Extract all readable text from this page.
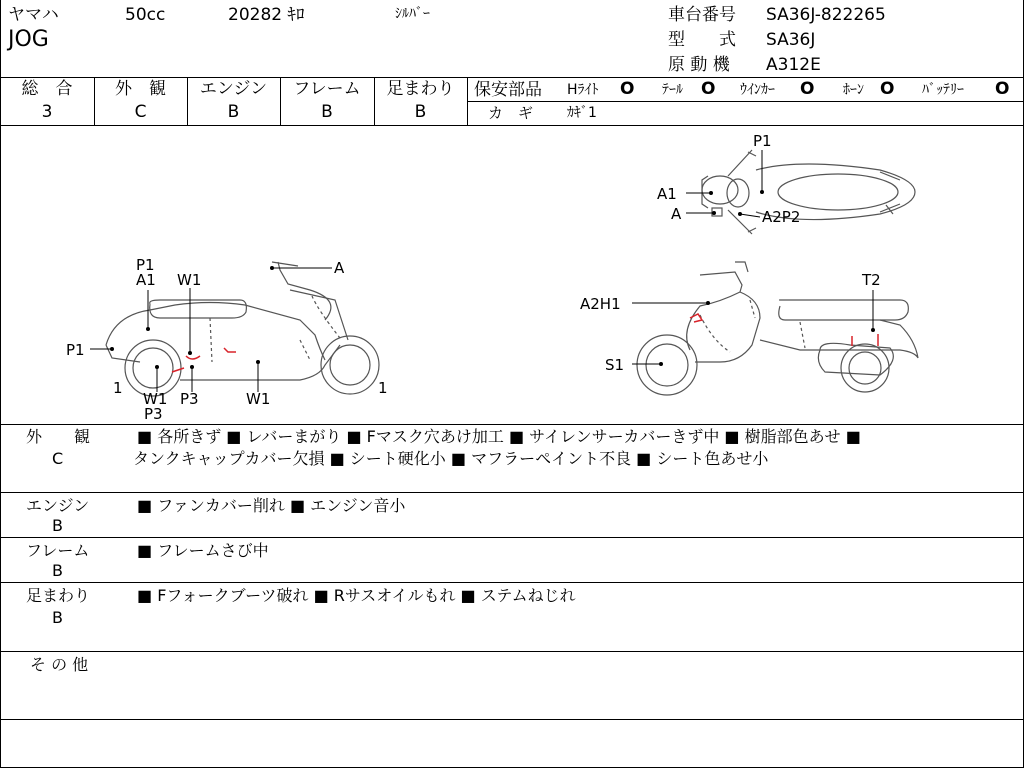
ヤマハ	50cc	20282 ｷﾛ	ｼﾙﾊﾞｰ
JOG
車台番号 SA36J-822265
型　　式 SA36J
原 動 機 A312E
総　合
3
外　観
C
エンジン
B
フレーム
B
足まわり
B
保安部品 Hﾗｲﾄ O ﾃｰﾙ O ｳｲﾝｶｰ O ﾎｰﾝ O ﾊﾞｯﾃﾘｰ O
カ　ギ ｶｷﾞ1
P1
A1
A	A2P2
P1
A1 W1
A
P1
1	1
W1 P3	W1
P3
A2H1
T2
S1
外　　観
C
■ 各所きず ■ レバーまがり ■ Fマスク穴あけ加工 ■ サイレンサーカバーきず中 ■ 樹脂部色あせ ■
タンクキャップカバー欠損 ■ シート硬化小 ■ マフラーペイント不良 ■ シート色あせ小
エンジン
B
■ ファンカバー削れ ■ エンジン音小
フレーム
B
■ フレームさび中
足まわり
B
■ Fフォークブーツ破れ ■ Rサスオイルもれ ■ ステムねじれ
そ の 他
